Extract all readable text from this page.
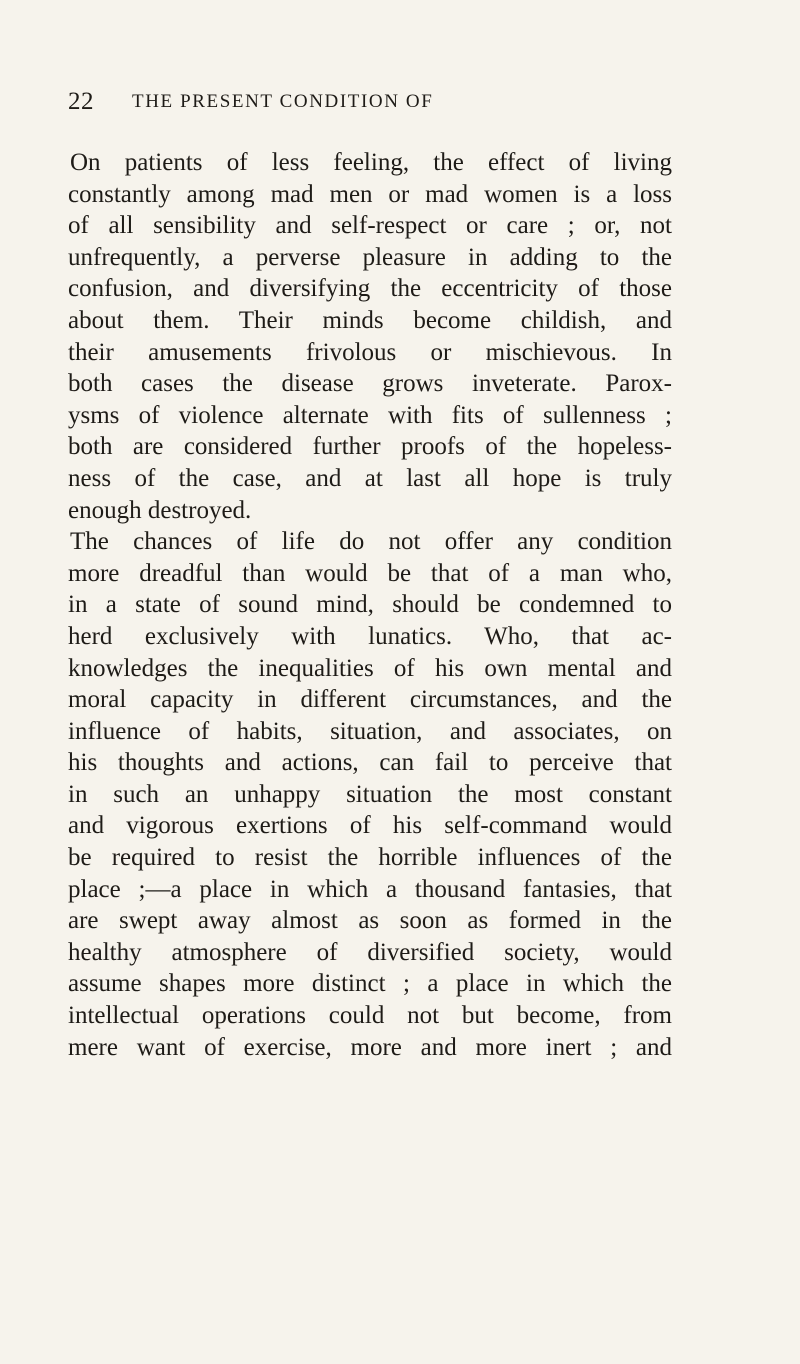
22 THE PRESENT CONDITION OF
On patients of less feeling, the effect of living
constantly among mad men or mad women is a loss
of all sensibility and self-respect or care ; or, not
unfrequently, a perverse pleasure in adding to the
confusion, and diversifying the eccentricity of those
about them. Their minds become childish, and
their amusements frivolous or mischievous. In
both cases the disease grows inveterate. Parox-
ysms of violence alternate with fits of sullenness ;
both are considered further proofs of the hopeless-
ness of the case, and at last all hope is truly
enough destroyed.
The chances of life do not offer any condition
more dreadful than would be that of a man who,
in a state of sound mind, should be condemned to
herd exclusively with lunatics. Who, that ac-
knowledges the inequalities of his own mental and
moral capacity in different circumstances, and the
influence of habits, situation, and associates, on
his thoughts and actions, can fail to perceive that
in such an unhappy situation the most constant
and vigorous exertions of his self-command would
be required to resist the horrible influences of the
place ;—a place in which a thousand fantasies, that
are swept away almost as soon as formed in the
healthy atmosphere of diversified society, would
assume shapes more distinct ; a place in which the
intellectual operations could not but become, from
mere want of exercise, more and more inert ; and
